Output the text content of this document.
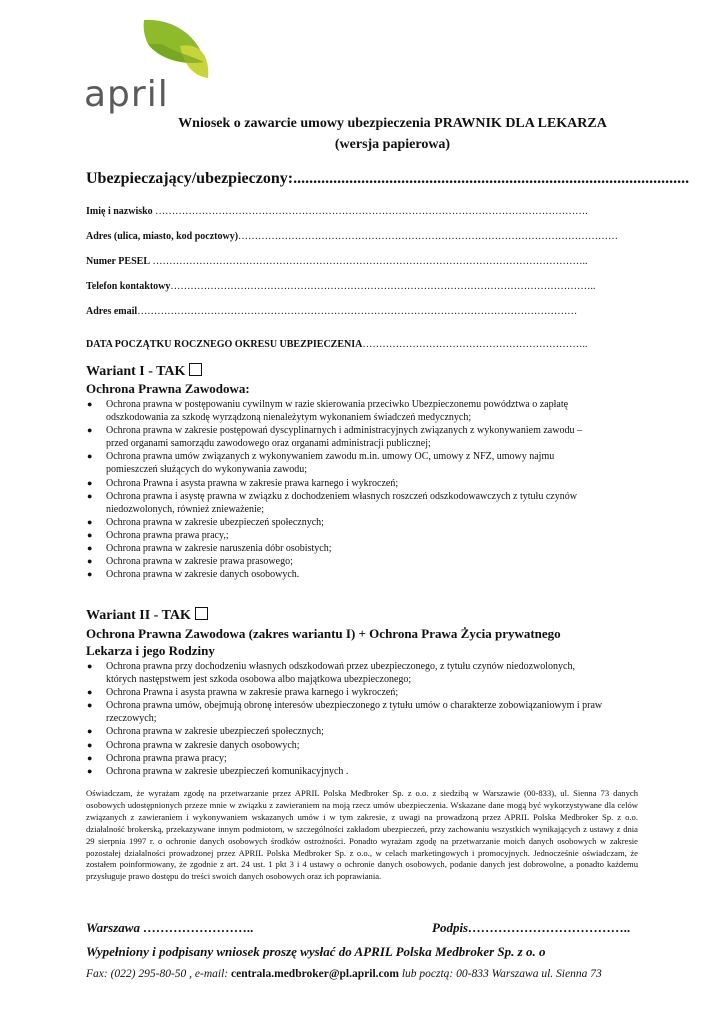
april
Wniosek o zawarcie umowy ubezpieczenia PRAWNIK DLA LEKARZA
(wersja papierowa)
Ubezpieczający/ubezpieczony:...................................................................................................
Imię i nazwisko ………………………………………………………………………………………………………………….
Adres (ulica, miasto, kod pocztowy)……………………………………………………………………………………………………
Numer PESEL …………………………………………………………………………………………………………………..
Telefon kontaktowy………………………………………………………………………………………………………………..
Adres email……………………………………………………………………………………………………………………
DATA POCZĄTKU ROCZNEGO OKRESU UBEZPIECZENIA…………………………………………………………..
Wariant I - TAK
Ochrona Prawna Zawodowa:
● Ochrona prawna w postępowaniu cywilnym w razie skierowania przeciwko Ubezpieczonemu powództwa o zapłatę odszkodowania za szkodę wyrządzoną nienależytym wykonaniem świadczeń medycznych;
● Ochrona prawna w zakresie postępowań dyscyplinarnych i administracyjnych związanych z wykonywaniem zawodu – przed organami samorządu zawodowego oraz organami administracji publicznej;
● Ochrona prawna umów związanych z wykonywaniem zawodu m.in. umowy OC, umowy z NFZ, umowy najmu pomieszczeń służących do wykonywania zawodu;
● Ochrona Prawna i asysta prawna w zakresie prawa karnego i wykroczeń;
● Ochrona prawna i asystę prawna w związku z dochodzeniem własnych roszczeń odszkodowawczych z tytułu czynów niedozwolonych, również znieważenie;
● Ochrona prawna w zakresie ubezpieczeń społecznych;
● Ochrona prawna prawa pracy,;
● Ochrona prawna w zakresie naruszenia dóbr osobistych;
● Ochrona prawna w zakresie prawa prasowego;
● Ochrona prawna w zakresie danych osobowych.
Wariant II - TAK
Ochrona Prawna Zawodowa (zakres wariantu I) + Ochrona Prawa Życia prywatnego Lekarza i jego Rodziny
● Ochrona prawna przy dochodzeniu własnych odszkodowań przez ubezpieczonego, z tytułu czynów niedozwolonych, których następstwem jest szkoda osobowa albo majątkowa ubezpieczonego;
● Ochrona Prawna i asysta prawna w zakresie prawa karnego i wykroczeń;
● Ochrona prawna umów, obejmują obronę interesów ubezpieczonego z tytułu umów o charakterze zobowiązaniowym i praw rzeczowych;
● Ochrona prawna w zakresie ubezpieczeń społecznych;
● Ochrona prawna w zakresie danych osobowych;
● Ochrona prawna prawa pracy;
● Ochrona prawna w zakresie ubezpieczeń komunikacyjnych .
Oświadczam, że wyrażam zgodę na przetwarzanie przez APRIL Polska Medbroker Sp. z o.o. z siedzibą w Warszawie (00-833), ul. Sienna 73 danych osobowych udostępnionych przeze mnie w związku z zawieraniem na moją rzecz umów ubezpieczenia. Wskazane dane mogą być wykorzystywane dla celów związanych z zawieraniem i wykonywaniem wskazanych umów i w tym zakresie, z uwagi na prowadzoną przez APRIL Polska Medbroker Sp. z o.o. działalność brokerską, przekazywane innym podmiotom, w szczególności zakładom ubezpieczeń, przy zachowaniu wszystkich wynikających z ustawy z dnia 29 sierpnia 1997 r. o ochronie danych osobowych środków ostrożności. Ponadto wyrażam zgodę na przetwarzanie moich danych osobowych w zakresie pozostałej działalności prowadzonej przez APRIL Polska Medbroker Sp. z o.o., w celach marketingowych i promocyjnych. Jednocześnie oświadczam, że zostałem poinformowany, że zgodnie z art. 24 ust. 1 pkt 3 i 4 ustawy o ochronie danych osobowych, podanie danych jest dobrowolne, a ponadto każdemu przysługuje prawo dostępu do treści swoich danych osobowych oraz ich poprawiania.
Warszawa ……………………..	Podpis………………………………..
Wypełniony i podpisany wniosek proszę wysłać do APRIL Polska Medbroker Sp. z o. o
Fax: (022) 295-80-50 , e-mail: centrala.medbroker@pl.april.com lub pocztą: 00-833 Warszawa ul. Sienna 73
